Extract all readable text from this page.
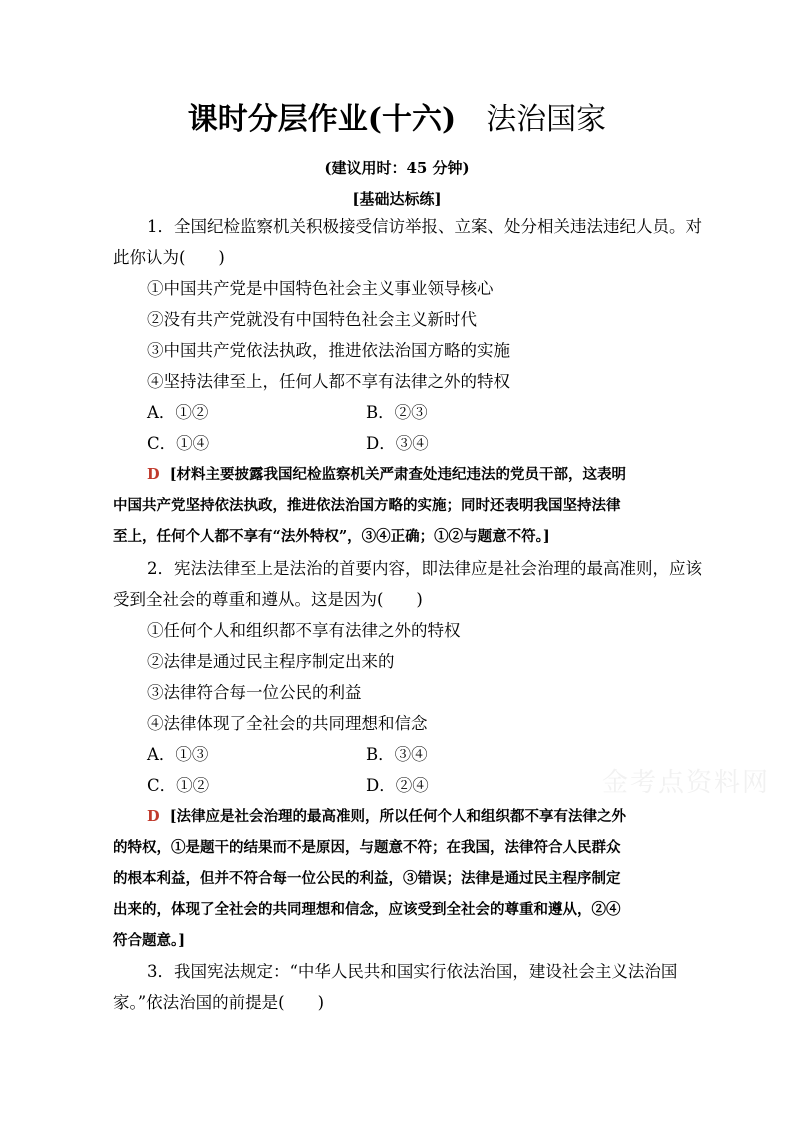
课时分层作业(十六) 法治国家
(建议用时：45 分钟)
[基础达标练]
1．全国纪检监察机关积极接受信访举报、立案、处分相关违法违纪人员。对
此你认为(　　)
①中国共产党是中国特色社会主义事业领导核心
②没有共产党就没有中国特色社会主义新时代
③中国共产党依法执政，推进依法治国方略的实施
④坚持法律至上，任何人都不享有法律之外的特权
A．①②	B．②③
C．①④	D．③④
D [材料主要披露我国纪检监察机关严肃查处违纪违法的党员干部，这表明
中国共产党坚持依法执政，推进依法治国方略的实施；同时还表明我国坚持法律
至上，任何个人都不享有“法外特权”，③④正确；①②与题意不符。]
2．宪法法律至上是法治的首要内容，即法律应是社会治理的最高准则，应该
受到全社会的尊重和遵从。这是因为(　　)
①任何个人和组织都不享有法律之外的特权
②法律是通过民主程序制定出来的
③法律符合每一位公民的利益
④法律体现了全社会的共同理想和信念
A．①③	B．③④
C．①②	D．②④
D [法律应是社会治理的最高准则，所以任何个人和组织都不享有法律之外
的特权，①是题干的结果而不是原因，与题意不符；在我国，法律符合人民群众
的根本利益，但并不符合每一位公民的利益，③错误；法律是通过民主程序制定
出来的，体现了全社会的共同理想和信念，应该受到全社会的尊重和遵从，②④
符合题意。]
3．我国宪法规定：“中华人民共和国实行依法治国，建设社会主义法治国
家。”依法治国的前提是(　　)
金考点资料网
